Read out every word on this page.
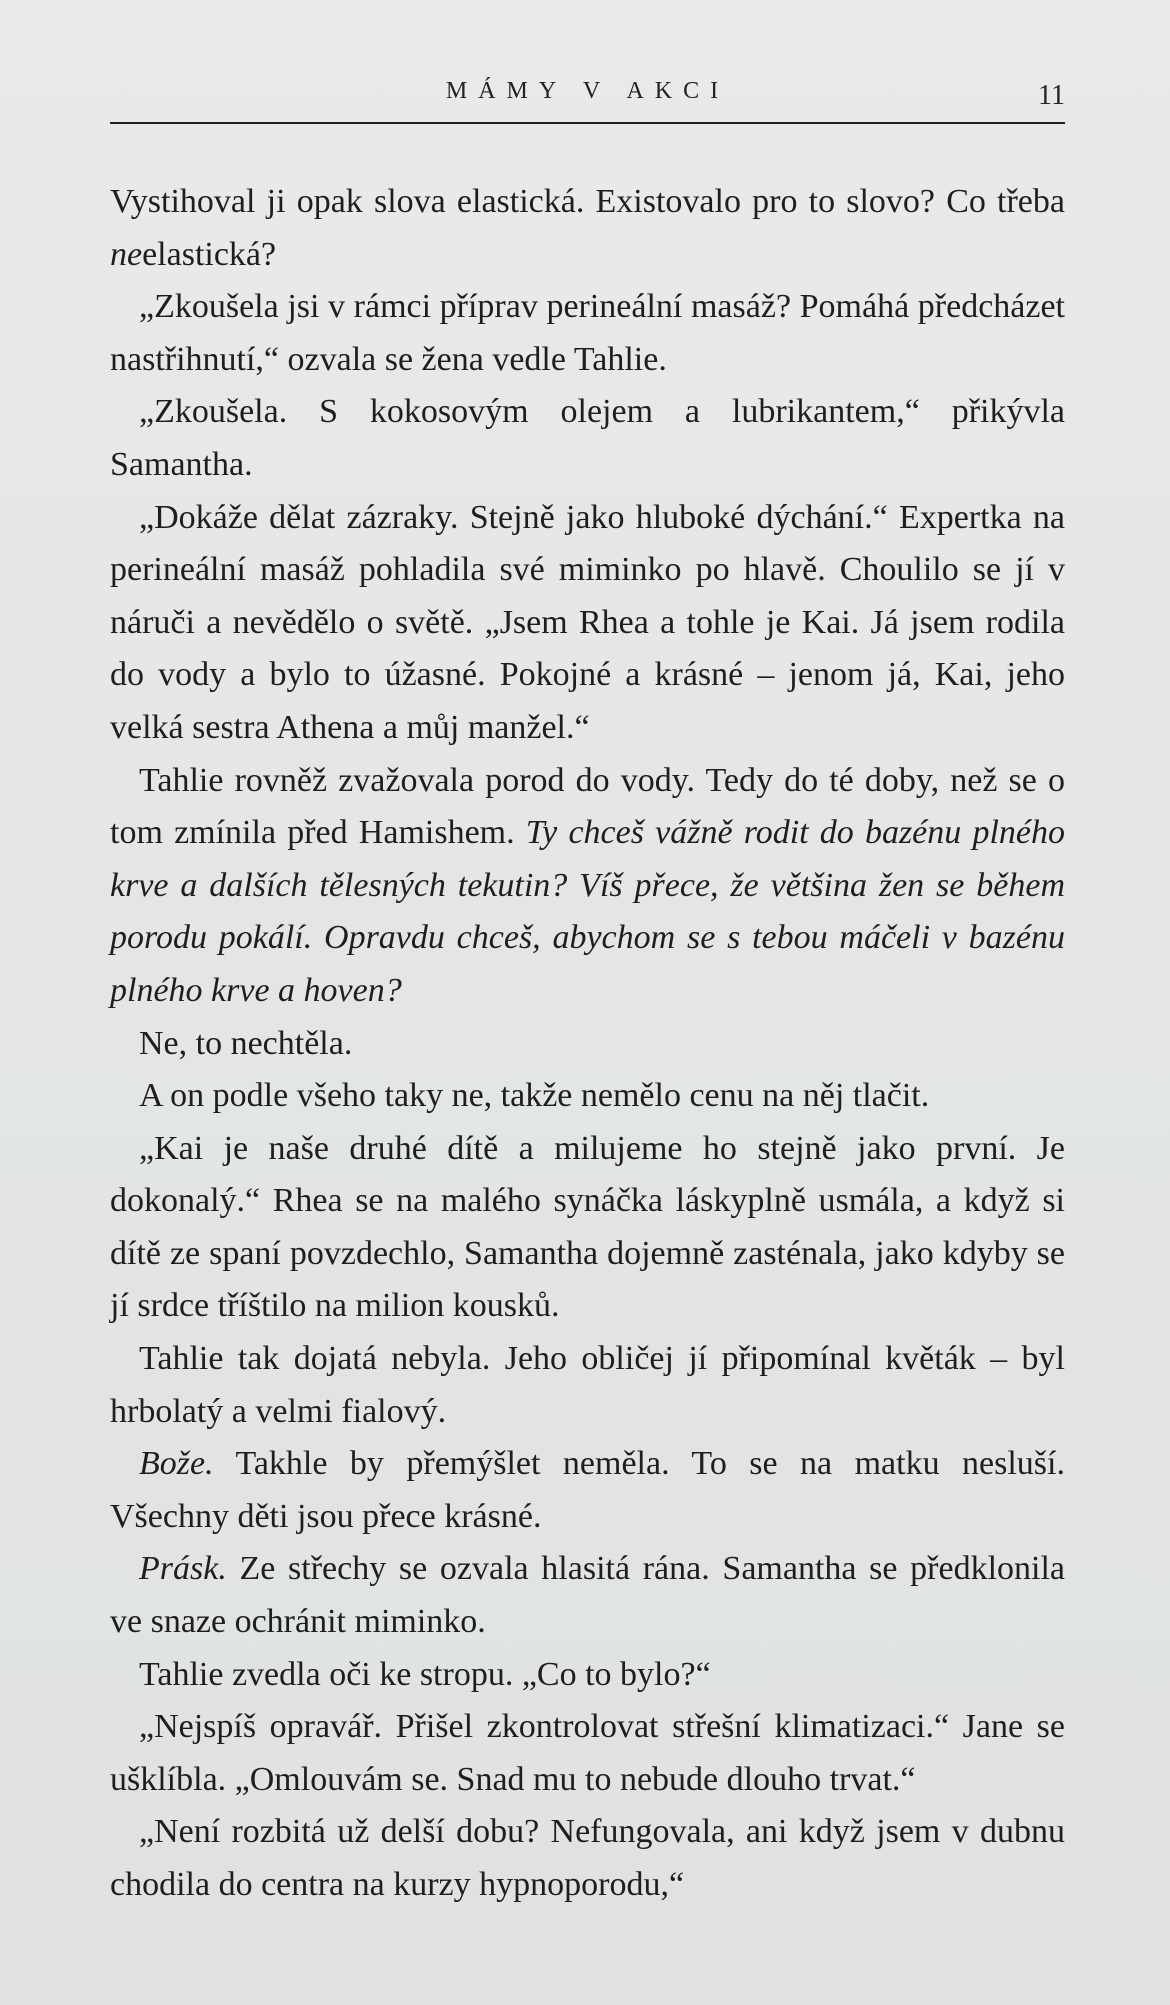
MÁMY V AKCI	11

Vystihoval ji opak slova elastická. Existovalo pro to slovo? Co třeba neelastická?

„Zkoušela jsi v rámci příprav perineální masáž? Pomáhá předcházet nastřihnutí,“ ozvala se žena vedle Tahlie.

„Zkoušela. S kokosovým olejem a lubrikantem,“ přikývla Samantha.

„Dokáže dělat zázraky. Stejně jako hluboké dýchání.“ Expertka na perineální masáž pohladila své miminko po hlavě. Choulilo se jí v náruči a nevědělo o světě. „Jsem Rhea a tohle je Kai. Já jsem rodila do vody a bylo to úžasné. Pokojné a krásné – jenom já, Kai, jeho velká sestra Athena a můj manžel.“

Tahlie rovněž zvažovala porod do vody. Tedy do té doby, než se o tom zmínila před Hamishem. Ty chceš vážně rodit do bazénu plného krve a dalších tělesných tekutin? Víš přece, že většina žen se během porodu pokálí. Opravdu chceš, abychom se s tebou máčeli v bazénu plného krve a hoven?

Ne, to nechtěla.

A on podle všeho taky ne, takže nemělo cenu na něj tlačit.

„Kai je naše druhé dítě a milujeme ho stejně jako první. Je dokonalý.“ Rhea se na malého synáčka láskyplně usmála, a když si dítě ze spaní povzdechlo, Samantha dojemně zasténala, jako kdyby se jí srdce tříštilo na milion kousků.

Tahlie tak dojatá nebyla. Jeho obličej jí připomínal květák – byl hrbolatý a velmi fialový.

Bože. Takhle by přemýšlet neměla. To se na matku nesluší. Všechny děti jsou přece krásné.

Prásk. Ze střechy se ozvala hlasitá rána. Samantha se předklonila ve snaze ochránit miminko.

Tahlie zvedla oči ke stropu. „Co to bylo?“

„Nejspíš opravář. Přišel zkontrolovat střešní klimatizaci.“ Jane se ušklíbla. „Omlouvám se. Snad mu to nebude dlouho trvat.“

„Není rozbitá už delší dobu? Nefungovala, ani když jsem v dubnu chodila do centra na kurzy hypnoporodu,“
